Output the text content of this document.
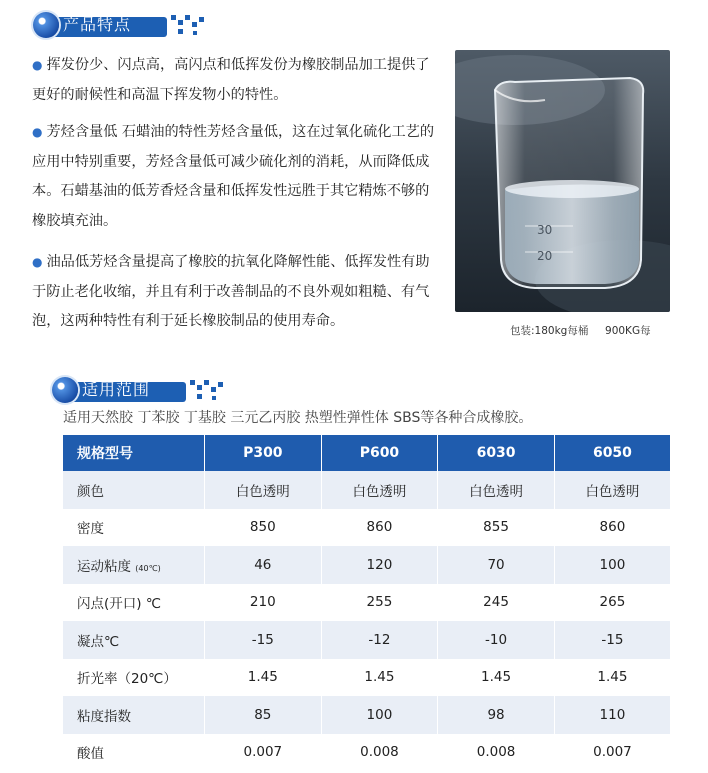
产品特点
● 挥发份少、闪点高，高闪点和低挥发份为橡胶制品加工提供了更好的耐候性和高温下挥发物小的特性。
● 芳烃含量低 石蜡油的特性芳烃含量低，这在过氧化硫化工艺的应用中特别重要，芳烃含量低可减少硫化剂的消耗，从而降低成本。石蜡基油的低芳香烃含量和低挥发性远胜于其它精炼不够的橡胶填充油。
● 油品低芳烃含量提高了橡胶的抗氧化降解性能、低挥发性有助于防止老化收缩，并且有利于改善制品的不良外观如粗糙、有气泡，这两种特性有利于延长橡胶制品的使用寿命。
30
20
包装:180kg每桶     900KG每
适用范围
适用天然胶 丁苯胶 丁基胶 三元乙丙胶 热塑性弹性体 SBS等各种合成橡胶。
规格型号	P300	P600	6030	6050
颜色	白色透明	白色透明	白色透明	白色透明
密度	850	860	855	860
运动粘度 (40℃)	46	120	70	100
闪点(开口) ℃	210	255	245	265
凝点℃	-15	-12	-10	-15
折光率（20℃）	1.45	1.45	1.45	1.45
粘度指数	85	100	98	110
酸值	0.007	0.008	0.008	0.007
